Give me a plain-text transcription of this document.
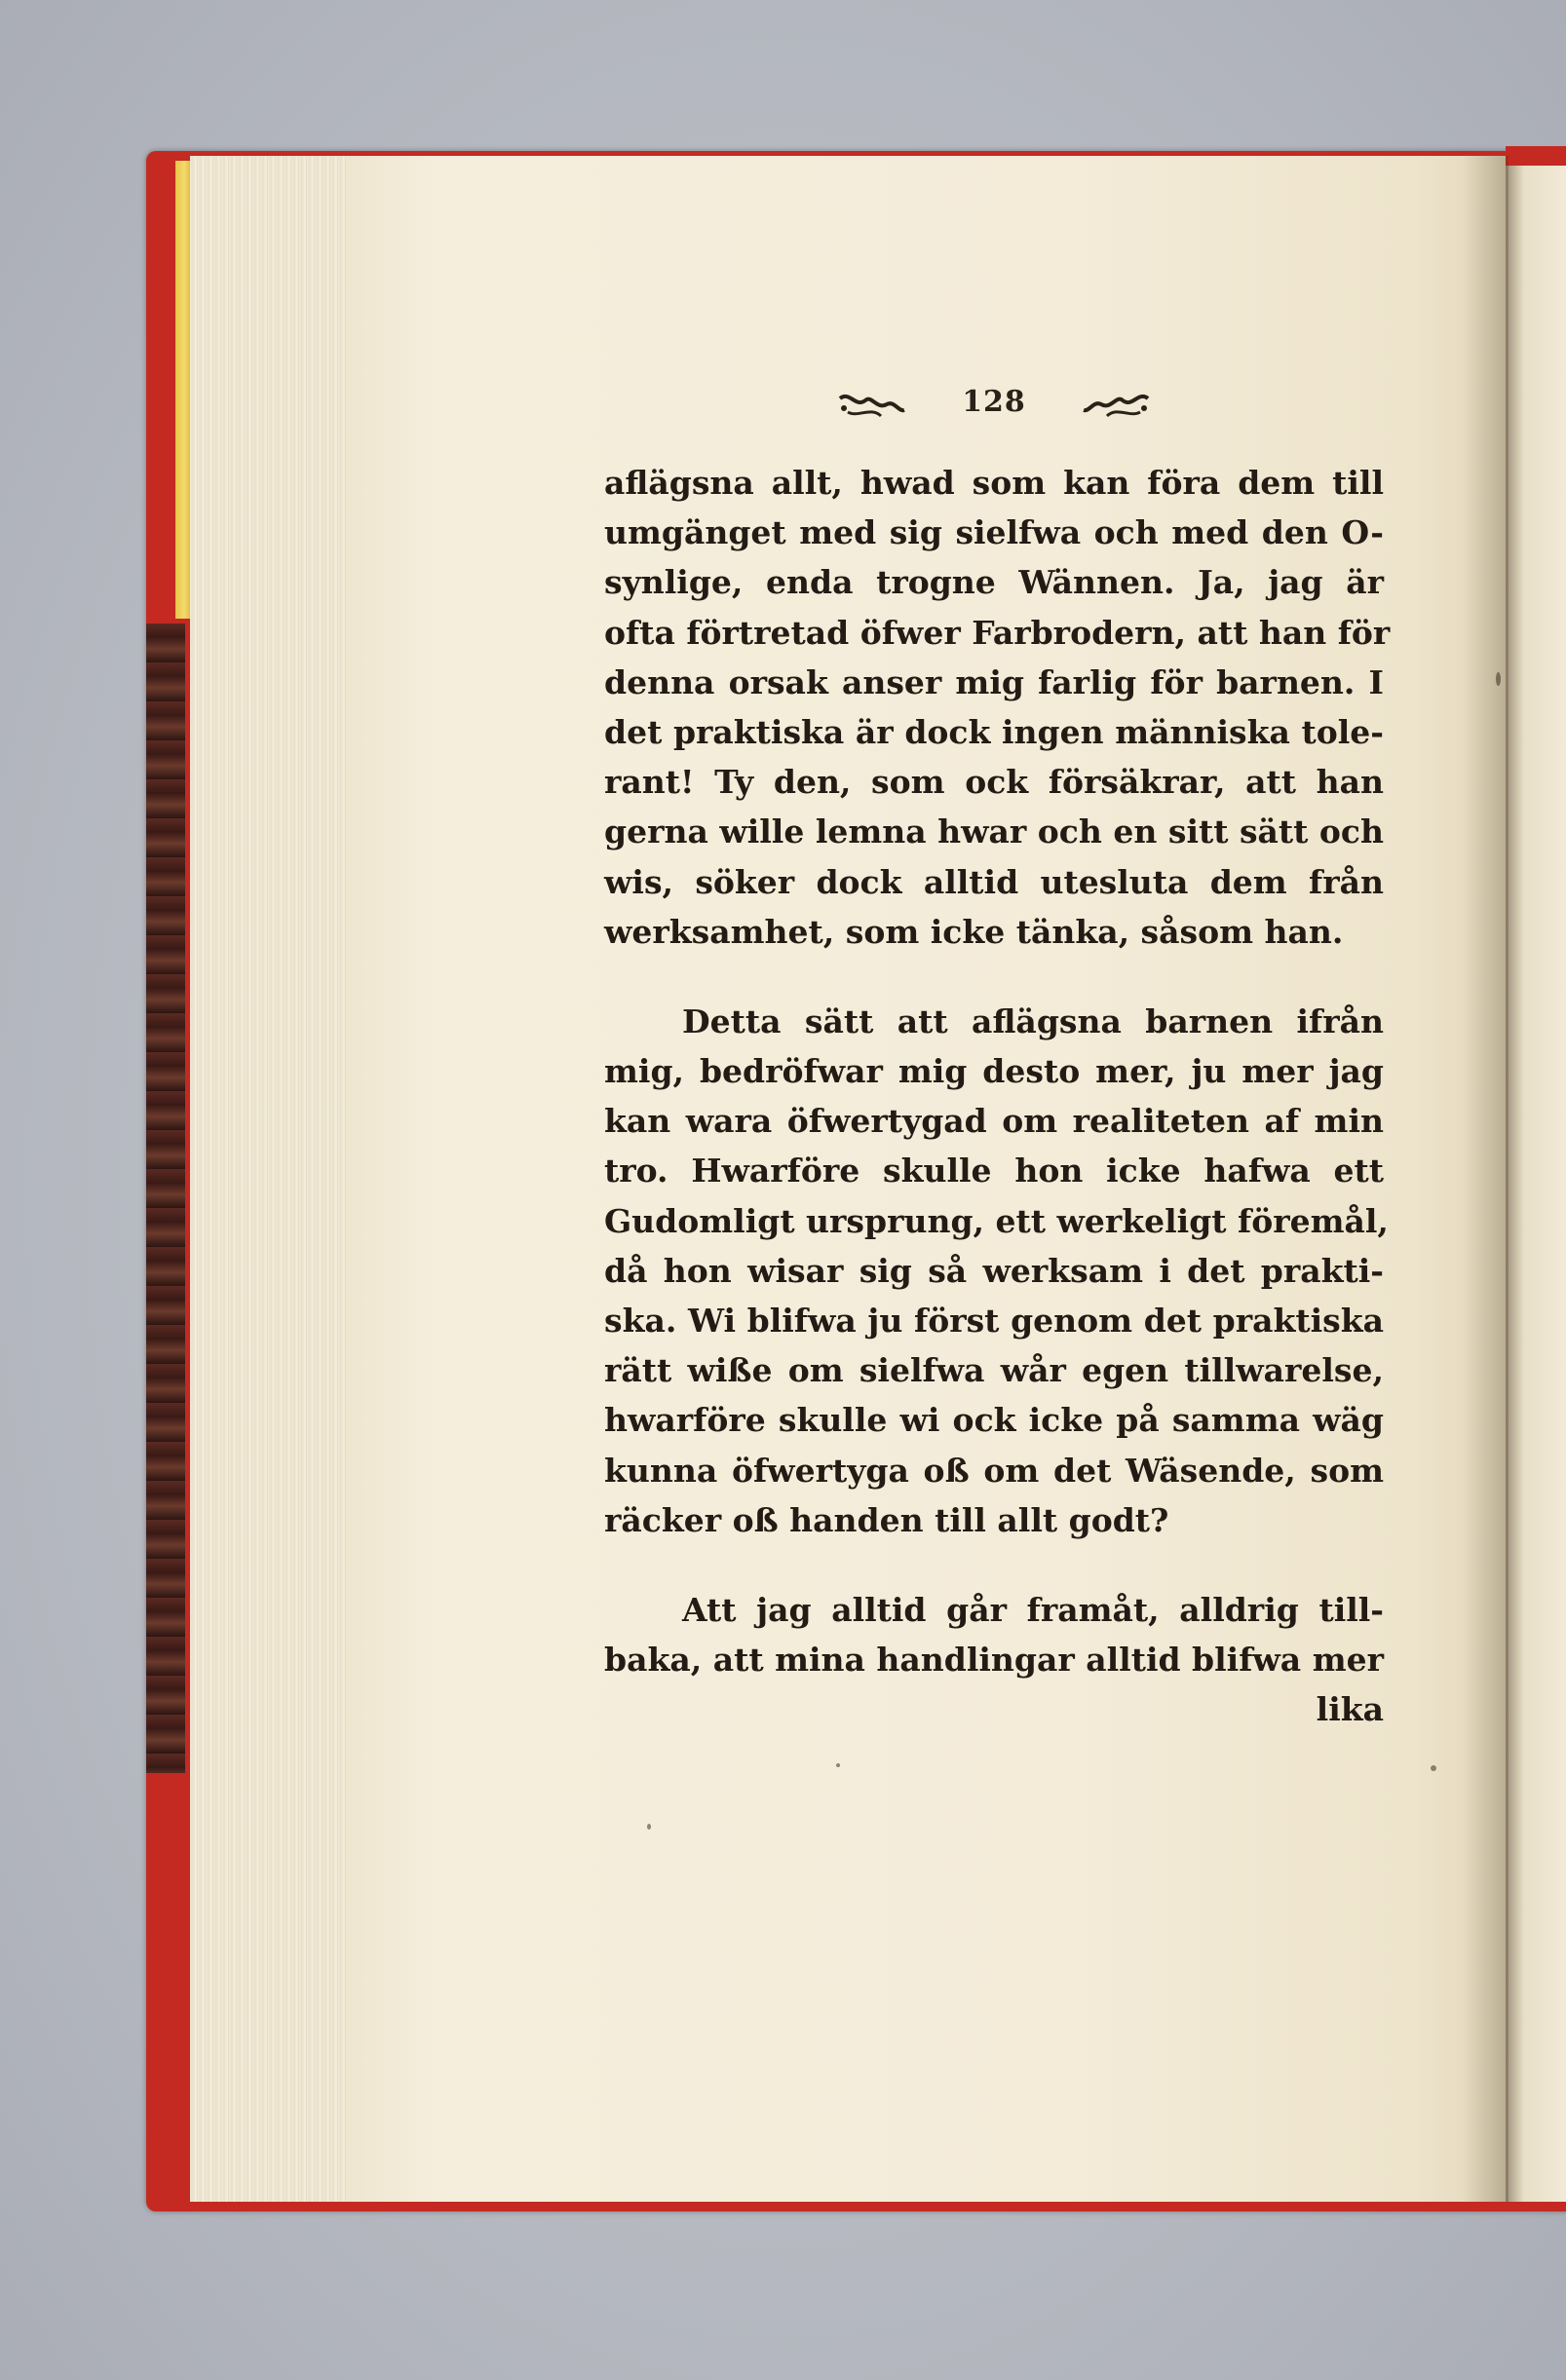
128
aflägsna allt, hwad som kan föra dem till
umgänget med sig sielfwa och med den O-
synlige, enda trogne Wännen. Ja, jag är
ofta förtretad öfwer Farbrodern, att han för
denna orsak anser mig farlig för barnen. I
det praktiska är dock ingen människa tole-
rant! Ty den, som ock försäkrar, att han
gerna wille lemna hwar och en sitt sätt och
wis, söker dock alltid utesluta dem från
werksamhet, som icke tänka, såsom han.
Detta sätt att aflägsna barnen ifrån
mig, bedröfwar mig desto mer, ju mer jag
kan wara öfwertygad om realiteten af min
tro. Hwarföre skulle hon icke hafwa ett
Gudomligt ursprung, ett werkeligt föremål,
då hon wisar sig så werksam i det prakti-
ska. Wi blifwa ju först genom det praktiska
rätt wiße om sielfwa wår egen tillwarelse,
hwarföre skulle wi ock icke på samma wäg
kunna öfwertyga oß om det Wäsende, som
räcker oß handen till allt godt?
Att jag alltid går framåt, alldrig till-
baka, att mina handlingar alltid blifwa mer
lika
